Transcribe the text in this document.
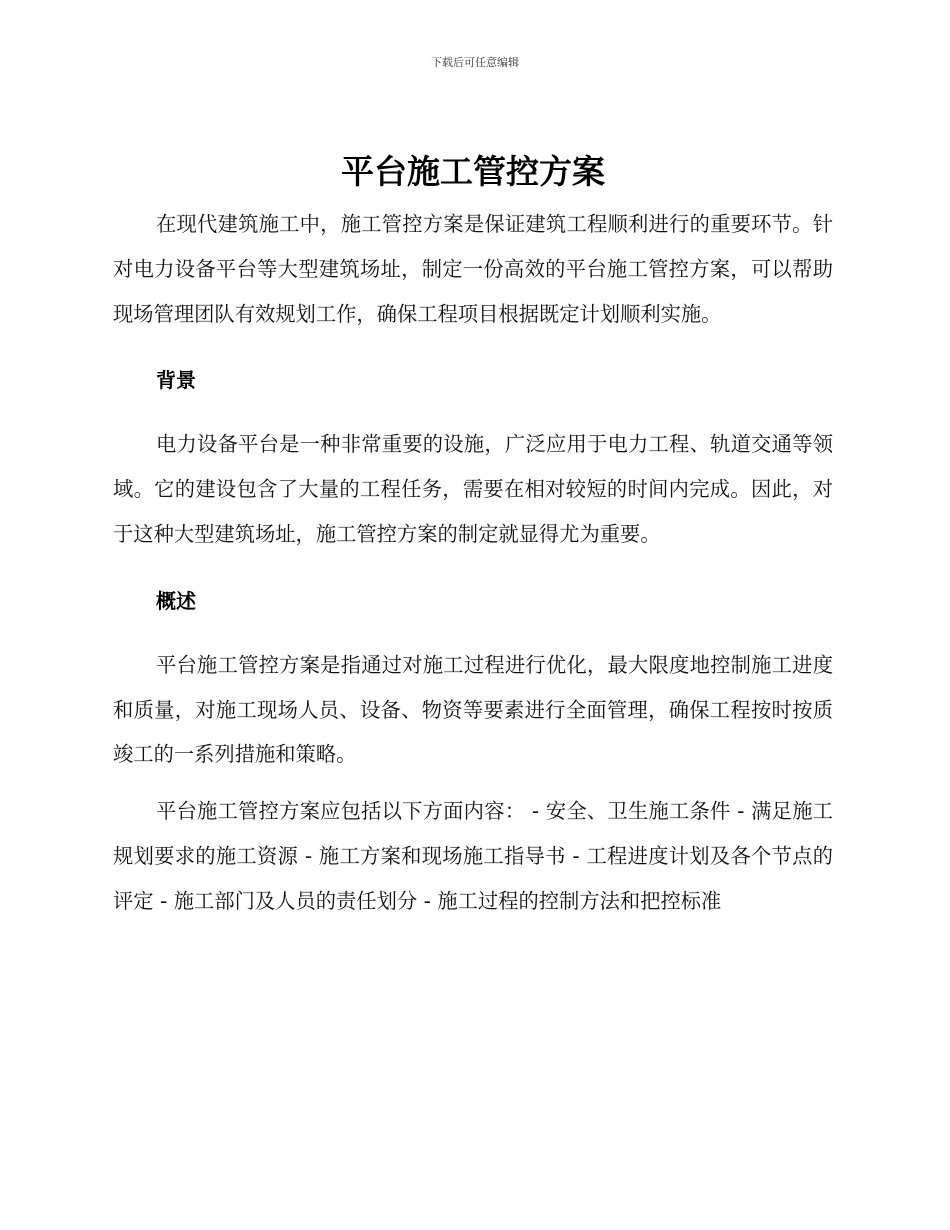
下载后可任意编辑
平台施工管控方案

在现代建筑施工中，施工管控方案是保证建筑工程顺利进行的重要环节。针对电力设备平台等大型建筑场址，制定一份高效的平台施工管控方案，可以帮助现场管理团队有效规划工作，确保工程项目根据既定计划顺利实施。

背景

电力设备平台是一种非常重要的设施，广泛应用于电力工程、轨道交通等领域。它的建设包含了大量的工程任务，需要在相对较短的时间内完成。因此，对于这种大型建筑场址，施工管控方案的制定就显得尤为重要。

概述

平台施工管控方案是指通过对施工过程进行优化，最大限度地控制施工进度和质量，对施工现场人员、设备、物资等要素进行全面管理，确保工程按时按质竣工的一系列措施和策略。

平台施工管控方案应包括以下方面内容： - 安全、卫生施工条件 - 满足施工规划要求的施工资源 - 施工方案和现场施工指导书 - 工程进度计划及各个节点的评定 - 施工部门及人员的责任划分 - 施工过程的控制方法和把控标准
